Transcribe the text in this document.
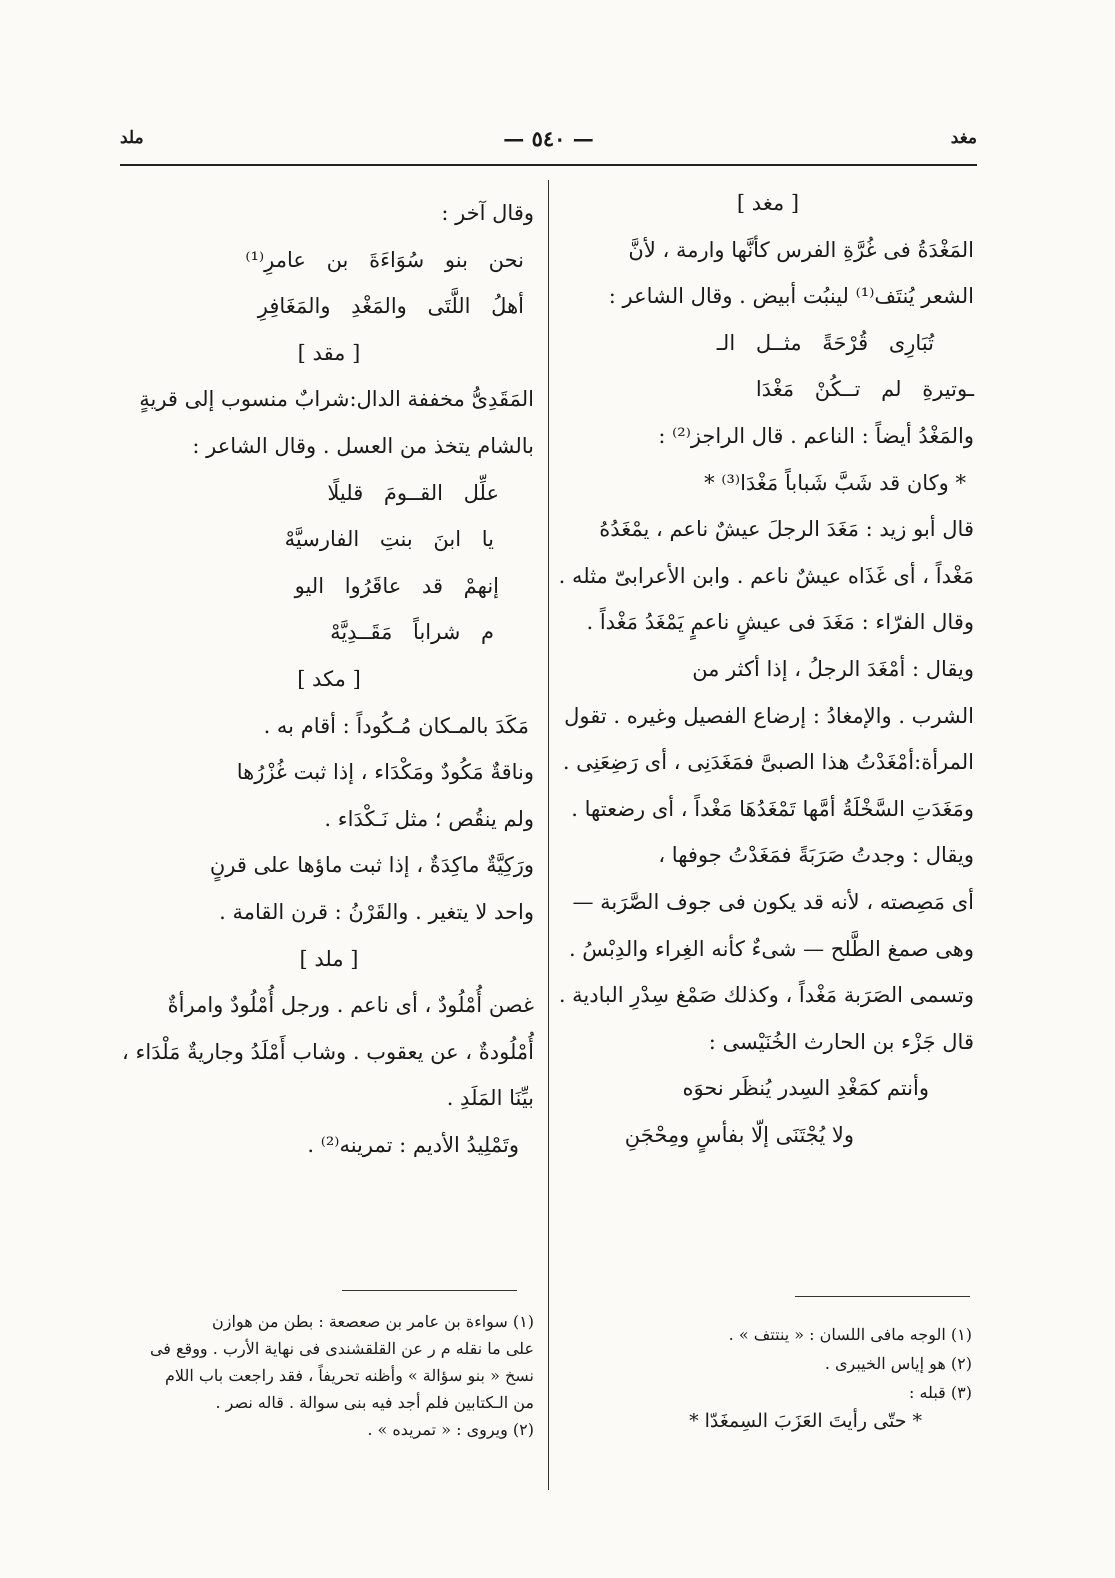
ملد	— ٥٤٠ —	مغد

[ مغد ]

المَغْدَةُ فى غُرَّةِ الفرس كأنَّها وارمة ، لأنَّ

الشعر يُنتَف⁽¹⁾ لينبُت أبيض . وقال الشاعر :

تُبَارِى قُرْحَةً مثــل الـ

ـوتيرةِ لم تــكُنْ مَغْدَا

والمَغْدُ أيضاً : الناعم . قال الراجز⁽²⁾ :

* وكان قد شَبَّ شَباباً مَغْدَا⁽³⁾ *

قال أبو زيد : مَغَدَ الرجلَ عيشٌ ناعم ، يمْغَدُهُ

مَغْداً ، أى غَذَاه عيشٌ ناعم . وابن الأعرابىّ مثله .

وقال الفرّاء : مَغَدَ فى عيشٍ ناعمٍ يَمْغَدُ مَغْداً .

ويقال : أمْغَدَ الرجلُ ، إذا أكثر من

الشرب . والإمغادُ : إرضاع الفصيل وغيره . تقول

المرأة:أمْغَدْتُ هذا الصبىَّ فمَغَدَنِى ، أى رَضِعَنِى .

ومَغَدَتِ السَّخْلَةُ أمَّها تَمْغَدُهَا مَغْداً ، أى رضعتها .

ويقال : وجدتُ صَرَبَةً فمَغَدْتُ جوفها ،

أى مَصِصته ، لأنه قد يكون فى جوف الصَّرَبة —

وهى صمغ الطَّلح — شىءٌ كأنه الغِراء والدِبْسُ .

وتسمى الصَرَبة مَغْداً ، وكذلك صَمْغ سِدْرِ البادية .

قال جَزْء بن الحارث الخُنَيْسى :

وأنتم كمَغْدِ السِدر يُنظَر نحوَه

ولا يُجْتَنَى إلّا بفأسٍ ومِحْجَنِ

(١) الوجه مافى اللسان : « ينتتف » .

(٢) هو إياس الخيبرى .

(٣) قبله :

* حتّى رأيتَ العَزَبَ السِمغَدّا *

وقال آخر :

نحن بنو سُوَاءَةَ بن عامرِ⁽¹⁾

أهلُ اللَّتَى والمَغْدِ والمَغَافِرِ

[ مقد ]

المَقَدِىُّ مخففة الدال:شرابٌ منسوب إلى قريةٍ

بالشام يتخذ من العسل . وقال الشاعر :

علِّل القــومَ قليلًا

يا ابنَ بنتِ الفارسيَّهْ

إنهمْ قد عاقَرُوا اليو

م شراباً مَقَــدِيَّهْ

[ مكد ]

مَكَدَ بالمـكان مُـكُوداً : أقام به .

وناقةٌ مَكُودٌ ومَكْدَاء ، إذا ثبت غُزْرُها

ولم ينقُص ؛ مثل نَـكْدَاء .

ورَكِيَّةٌ ماكِدَةٌ ، إذا ثبت ماؤها على قرنٍ

واحد لا يتغير . والقَرْنُ : قرن القامة .

[ ملد ]

غصن أُمْلُودٌ ، أى ناعم . ورجل أُمْلُودٌ وامرأةٌ

أُمْلُودةٌ ، عن يعقوب . وشاب أَمْلَدُ وجاريةٌ مَلْدَاء ،

بيِّنَا المَلَدِ .

وتَمْلِيدُ الأديم : تمرينه⁽²⁾ .

(١) سواءة بن عامر بن صعصعة : بطن من هوازن

على ما نقله م ر عن القلقشندى فى نهاية الأرب . ووقع فى

نسخ « بنو سؤالة » وأظنه تحريفاً ، فقد راجعت باب اللام

من الـكتابين فلم أجد فيه بنى سوالة . قاله نصر .

(٢) ويروى : « تمريده » .
